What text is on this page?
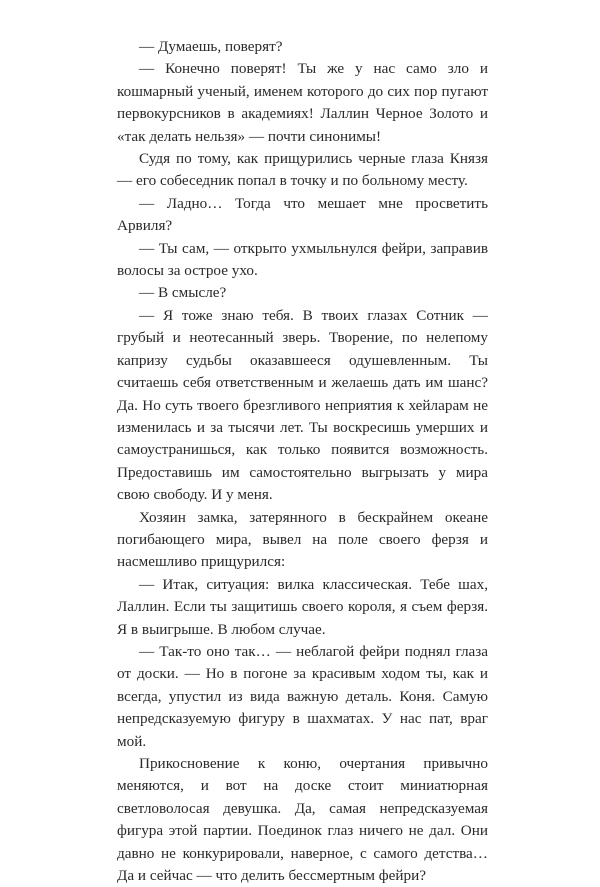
— Думаешь, поверят?

— Конечно поверят! Ты же у нас само зло и кошмарный ученый, именем которого до сих пор пугают первокурсников в академиях! Лаллин Черное Золото и «так делать нельзя» — почти синонимы!

Судя по тому, как прищурились черные глаза Князя — его собеседник попал в точку и по больному месту.

— Ладно… Тогда что мешает мне просветить Арвиля?

— Ты сам, — открыто ухмыльнулся фейри, заправив волосы за острое ухо.

— В смысле?

— Я тоже знаю тебя. В твоих глазах Сотник — грубый и неотесанный зверь. Творение, по нелепому капризу судьбы оказавшееся одушевленным. Ты считаешь себя ответственным и желаешь дать им шанс? Да. Но суть твоего брезгливого неприятия к хейларам не изменилась и за тысячи лет. Ты воскресишь умерших и самоустранишься, как только появится возможность. Предоставишь им самостоятельно выгрызать у мира свою свободу. И у меня.

Хозяин замка, затерянного в бескрайнем океане погибающего мира, вывел на поле своего ферзя и насмешливо прищурился:

— Итак, ситуация: вилка классическая. Тебе шах, Лаллин. Если ты защитишь своего короля, я съем ферзя. Я в выигрыше. В любом случае.

— Так-то оно так… — неблагой фейри поднял глаза от доски. — Но в погоне за красивым ходом ты, как и всегда, упустил из вида важную деталь. Коня. Самую непредсказуемую фигуру в шахматах. У нас пат, враг мой.

Прикосновение к коню, очертания привычно меняются, и вот на доске стоит миниатюрная светловолосая девушка. Да, самая непредсказуемая фигура этой партии. Поединок глаз ничего не дал. Они давно не конкурировали, наверное, с самого детства… Да и сейчас — что делить бессмертным фейри?
